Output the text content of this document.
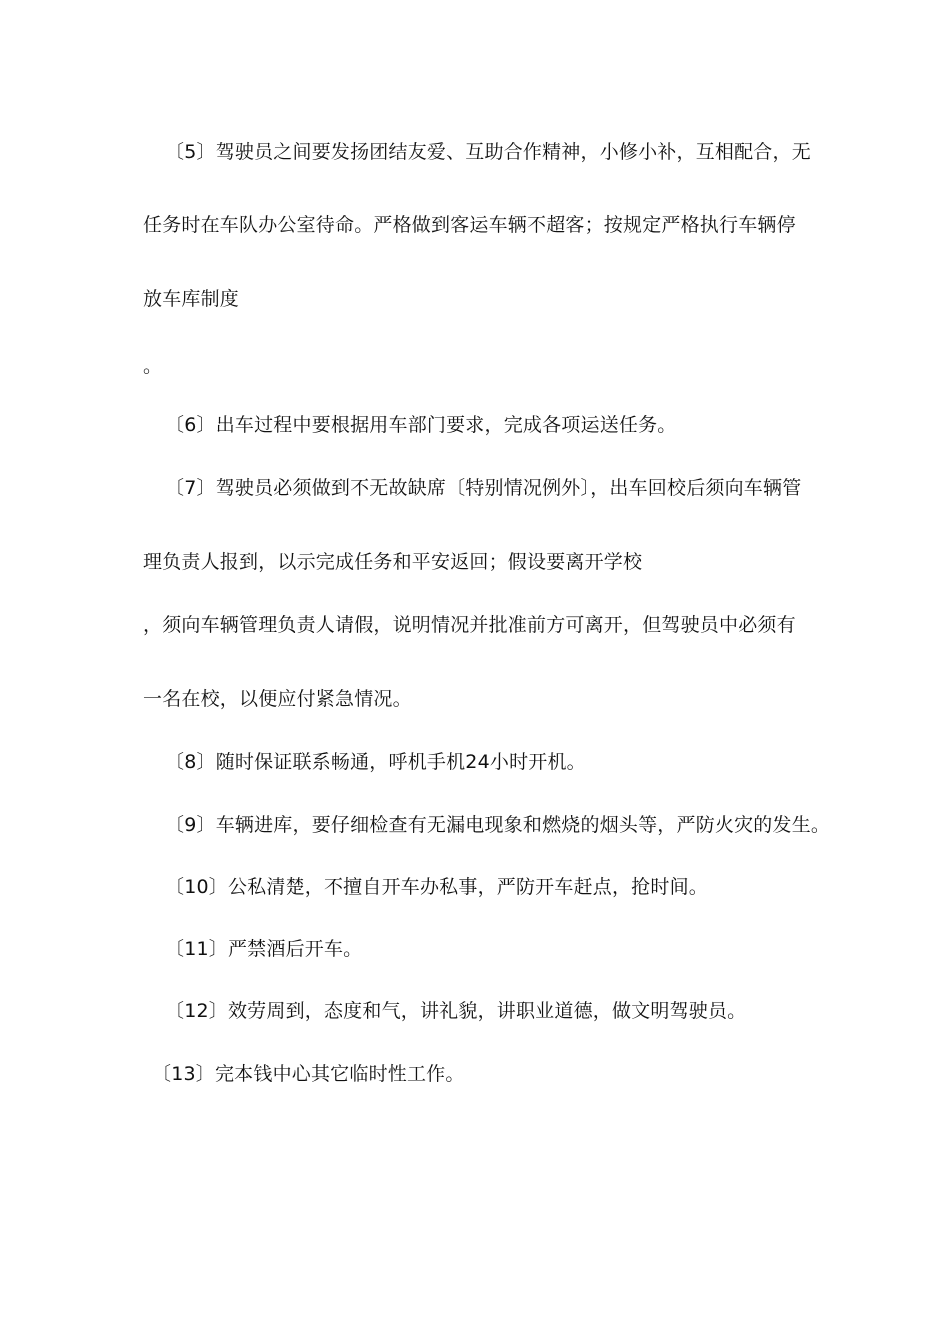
〔5〕驾驶员之间要发扬团结友爱、互助合作精神，小修小补，互相配合，无
任务时在车队办公室待命。严格做到客运车辆不超客；按规定严格执行车辆停
放车库制度
。
〔6〕出车过程中要根据用车部门要求，完成各项运送任务。
〔7〕驾驶员必须做到不无故缺席〔特别情况例外〕，出车回校后须向车辆管
理负责人报到，以示完成任务和平安返回；假设要离开学校
，须向车辆管理负责人请假，说明情况并批准前方可离开，但驾驶员中必须有
一名在校，以便应付紧急情况。
〔8〕随时保证联系畅通，呼机手机24小时开机。
〔9〕车辆进库，要仔细检查有无漏电现象和燃烧的烟头等，严防火灾的发生。
〔10〕公私清楚，不擅自开车办私事，严防开车赶点，抢时间。
〔11〕严禁酒后开车。
〔12〕效劳周到，态度和气，讲礼貌，讲职业道德，做文明驾驶员。
〔13〕完本钱中心其它临时性工作。
